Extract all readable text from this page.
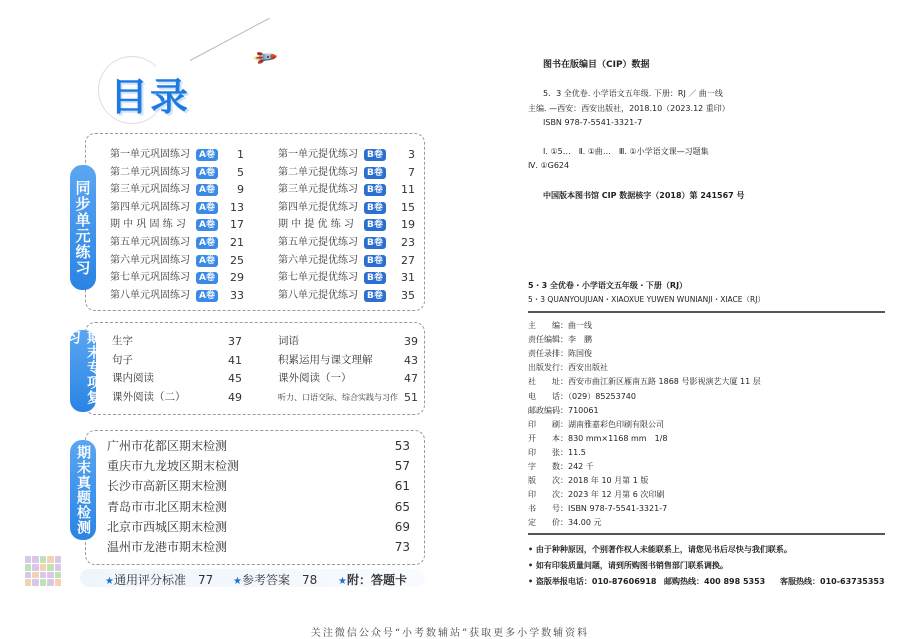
目录
🚀
同步单元练习
第一单元巩固练习	A卷	1
第二单元巩固练习	A卷	5
第三单元巩固练习	A卷	9
第四单元巩固练习	A卷	13
期 中 巩 固 练 习	A卷	17
第五单元巩固练习	A卷	21
第六单元巩固练习	A卷	25
第七单元巩固练习	A卷	29
第八单元巩固练习	A卷	33
第一单元提优练习	B卷	3
第二单元提优练习	B卷	7
第三单元提优练习	B卷	11
第四单元提优练习	B卷	15
期 中 提 优 练 习	B卷	19
第五单元提优练习	B卷	23
第六单元提优练习	B卷	27
第七单元提优练习	B卷	31
第八单元提优练习	B卷	35
期末专项复习	生字	37
句子	41
课内阅读	45
课外阅读（二）	49
词语	39
积累运用与课文理解	43
课外阅读（一）	47
听力、口语交际、综合实践与习作 51
期末真题检测	广州市花都区期末检测	53
重庆市九龙坡区期末检测	57
长沙市高新区期末检测	61
青岛市市北区期末检测	65
北京市西城区期末检测	69
温州市龙港市期末检测	73
★通用评分标准　 77 ★参考答案　 78 ★附：答题卡
图书在版编目（CIP）数据
5．3 全优卷. 小学语文五年级. 下册：RJ ／ 曲一线
主编. —西安：西安出版社，2018.10（2023.12 重印）
ISBN 978-7-5541-3321-7
Ⅰ. ①5…　Ⅱ. ①曲…　Ⅲ. ①小学语文课—习题集
Ⅳ. ①G624
中国版本图书馆 CIP 数据核字（2018）第 241567 号
5・3 全优卷・小学语文五年级・下册（RJ）
5・3 QUANYOUJUAN・XIAOXUE YUWEN WUNIANJI・XIACE（RJ）
主　　编：曲一线
责任编辑：李　鹏
责任录排：陈国俊
出版发行：西安出版社
社　　址：西安市曲江新区雁南五路 1868 号影视演艺大厦 11 层
电　　话：（029）85253740
邮政编码：710061
印　　刷：湖南雅嘉彩色印刷有限公司
开　　本：830 mm×1168 mm　1/8
印　　张：11.5
字　　数：242 千
版　　次：2018 年 10 月第 1 版
印　　次：2023 年 12 月第 6 次印刷
书　　号：ISBN 978-7-5541-3321-7
定　　价：34.00 元
• 由于种种原因，个别著作权人未能联系上，请您见书后尽快与我们联系。
• 如有印装质量问题，请到所购图书销售部门联系调换。
• 盗版举报电话：010-87606918 邮购热线：400 898 5353 客服热线：010-63735353
关注微信公众号“小考数辅站”获取更多小学数辅资料
